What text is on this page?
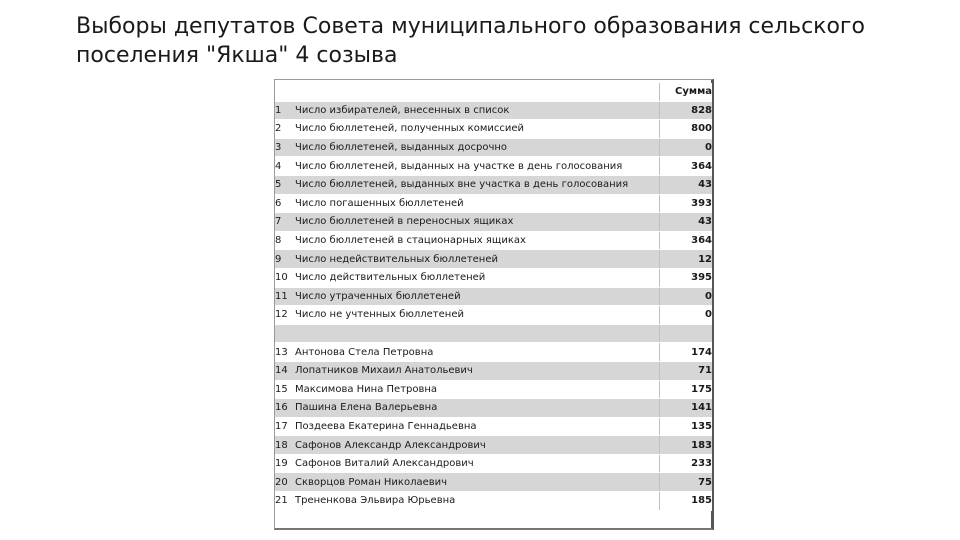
Выборы депутатов Совета муниципального образования сельского поселения "Якша" 4 созыва
		Сумма
1	Число избирателей, внесенных в список	828
2	Число бюллетеней, полученных комиссией	800
3	Число бюллетеней, выданных досрочно	0
4	Число бюллетеней, выданных на участке в день голосования	364
5	Число бюллетеней, выданных вне участка в день голосования	43
6	Число погашенных бюллетеней	393
7	Число бюллетеней в переносных ящиках	43
8	Число бюллетеней в стационарных ящиках	364
9	Число недействительных бюллетеней	12
10	Число действительных бюллетеней	395
11	Число утраченных бюллетеней	0
12	Число не учтенных бюллетеней	0

13	Антонова Стела Петровна	174
14	Лопатников Михаил Анатольевич	71
15	Максимова Нина Петровна	175
16	Пашина Елена Валерьевна	141
17	Поздеева Екатерина Геннадьевна	135
18	Сафонов Александр Александрович	183
19	Сафонов Виталий Александрович	233
20	Скворцов Роман Николаевич	75
21	Трененкова Эльвира Юрьевна	185
